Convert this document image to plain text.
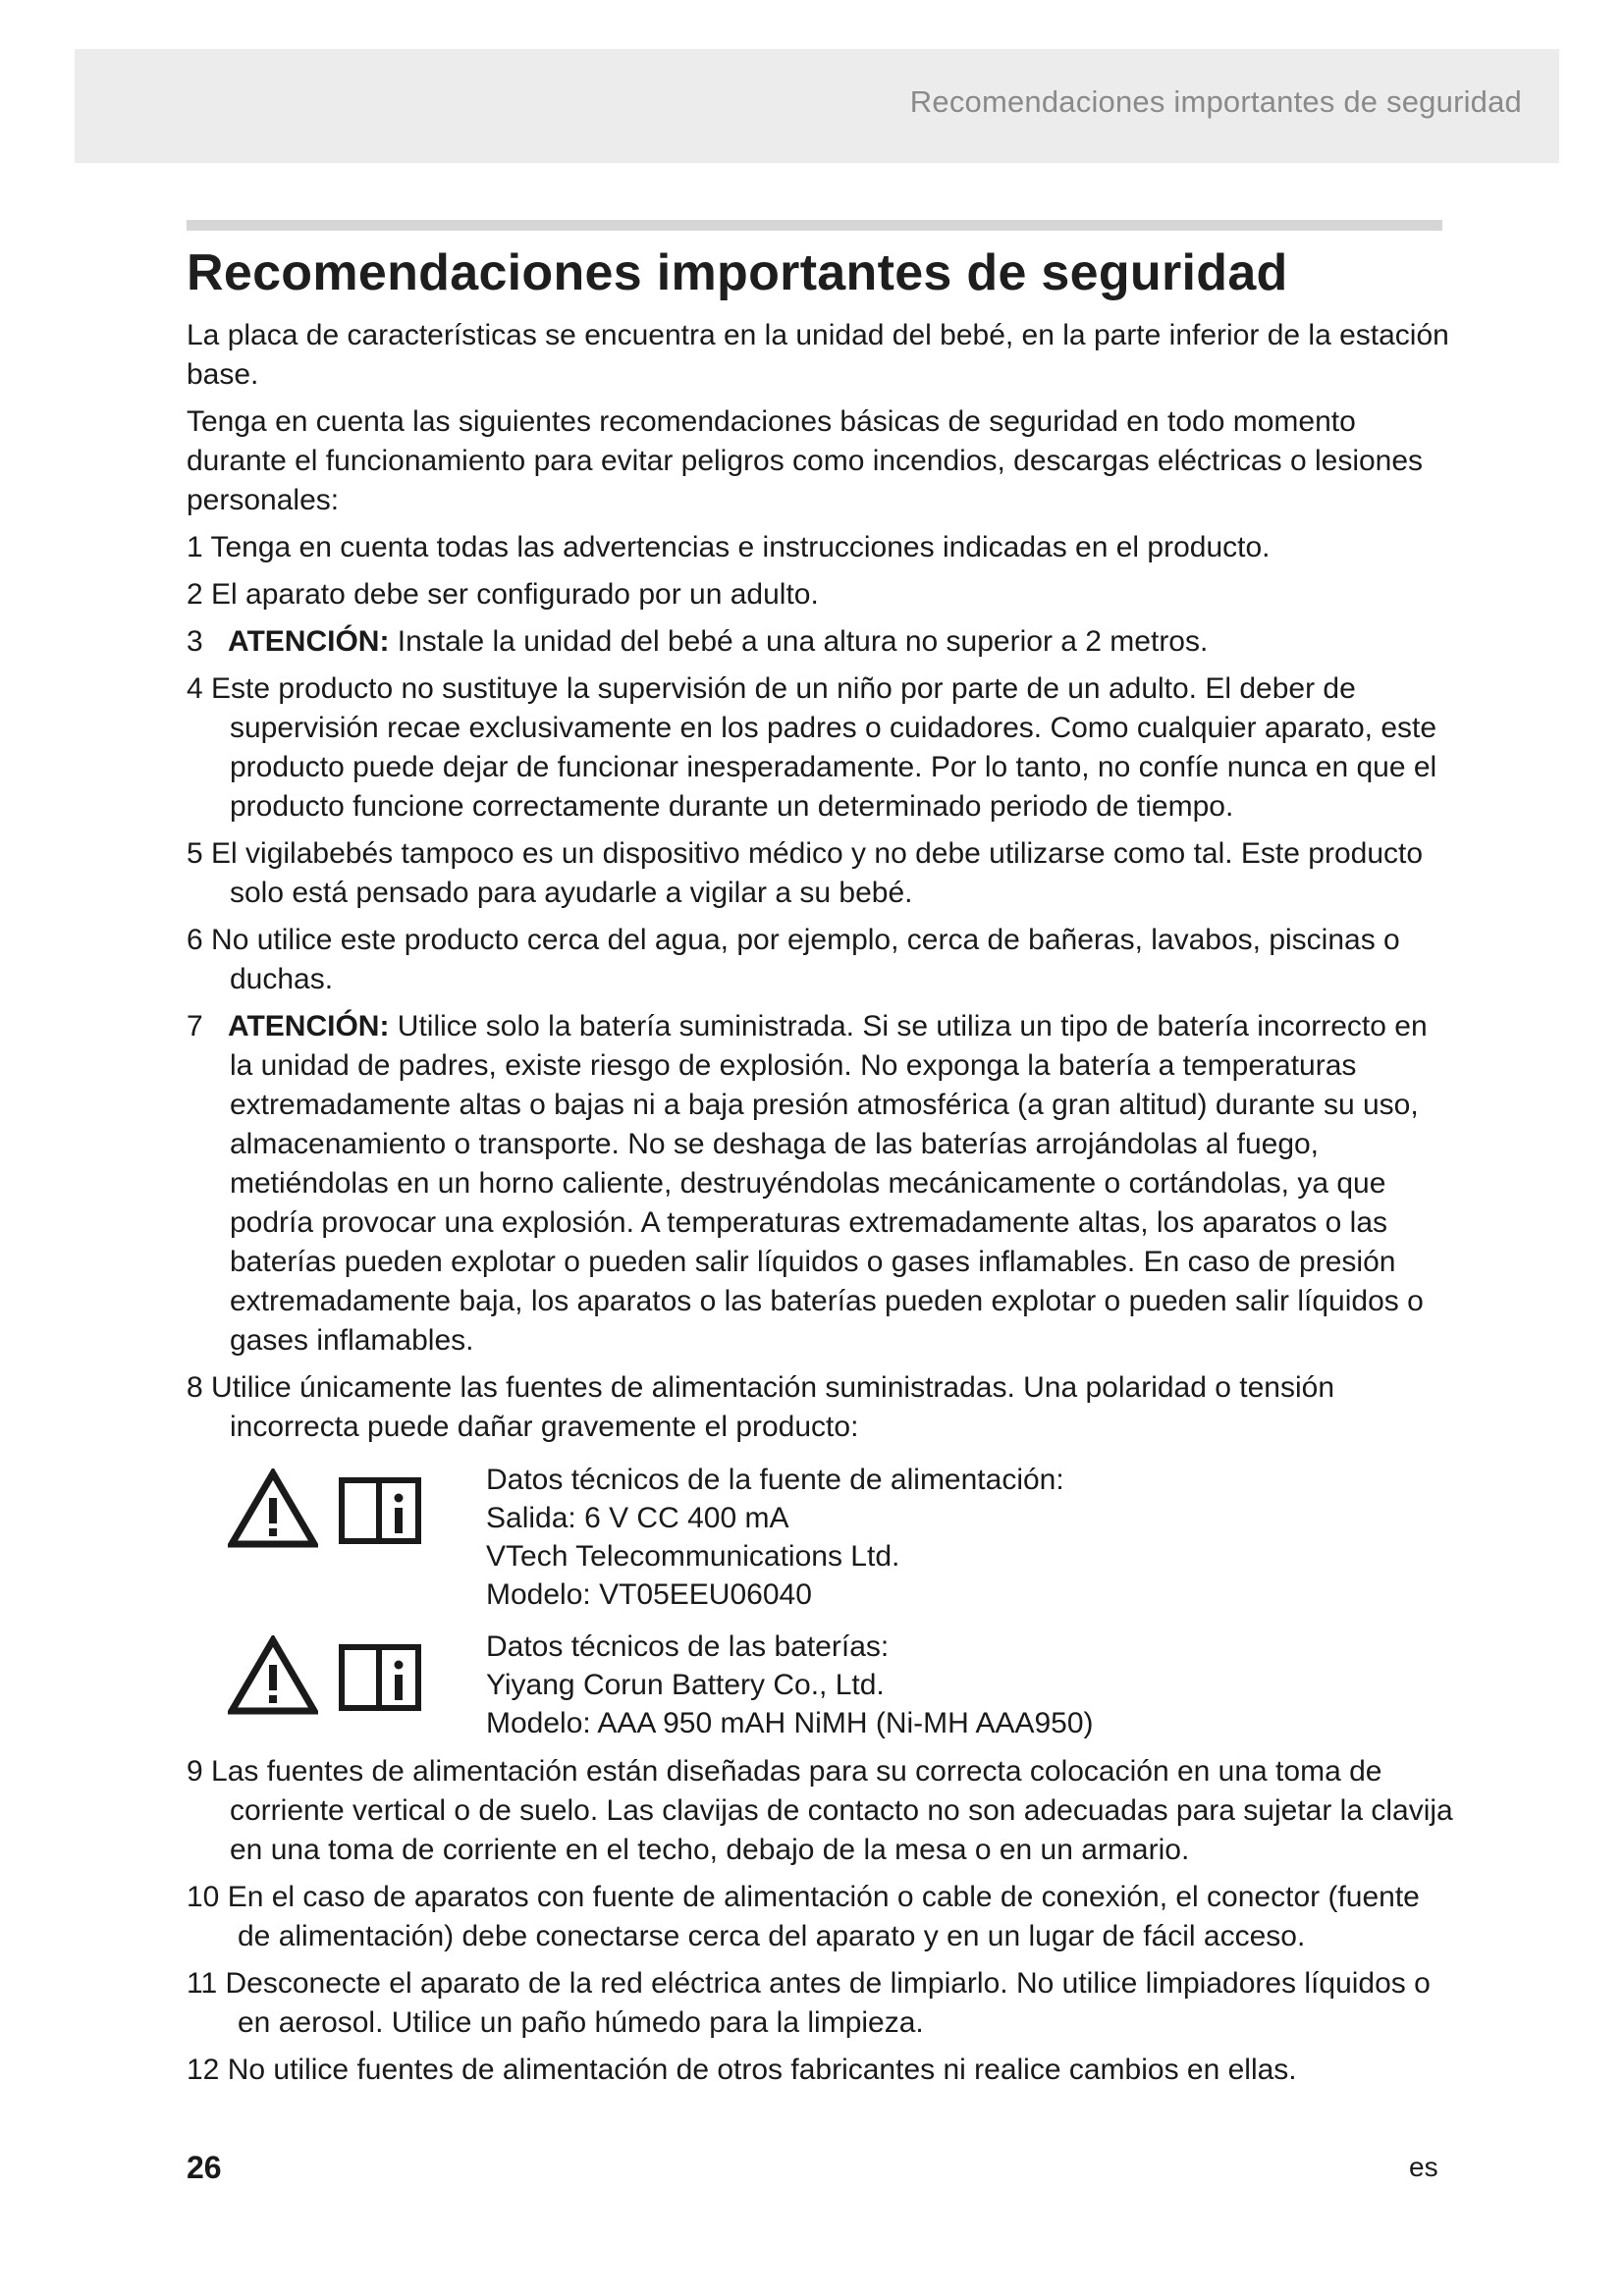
Recomendaciones importantes de seguridad
Recomendaciones importantes de seguridad

La placa de características se encuentra en la unidad del bebé, en la parte inferior de la estación base.

Tenga en cuenta las siguientes recomendaciones básicas de seguridad en todo momento durante el funcionamiento para evitar peligros como incendios, descargas eléctricas o lesiones personales:

1 Tenga en cuenta todas las advertencias e instrucciones indicadas en el producto.

2 El aparato debe ser configurado por un adulto.

3 ATENCIÓN: Instale la unidad del bebé a una altura no superior a 2 metros.

4 Este producto no sustituye la supervisión de un niño por parte de un adulto. El deber de supervisión recae exclusivamente en los padres o cuidadores. Como cualquier aparato, este producto puede dejar de funcionar inesperadamente. Por lo tanto, no confíe nunca en que el producto funcione correctamente durante un determinado periodo de tiempo.

5 El vigilabebés tampoco es un dispositivo médico y no debe utilizarse como tal. Este producto solo está pensado para ayudarle a vigilar a su bebé.

6 No utilice este producto cerca del agua, por ejemplo, cerca de bañeras, lavabos, piscinas o duchas.

7 ATENCIÓN: Utilice solo la batería suministrada. Si se utiliza un tipo de batería incorrecto en la unidad de padres, existe riesgo de explosión. No exponga la batería a temperaturas extremadamente altas o bajas ni a baja presión atmosférica (a gran altitud) durante su uso, almacenamiento o transporte. No se deshaga de las baterías arrojándolas al fuego, metiéndolas en un horno caliente, destruyéndolas mecánicamente o cortándolas, ya que podría provocar una explosión. A temperaturas extremadamente altas, los aparatos o las baterías pueden explotar o pueden salir líquidos o gases inflamables. En caso de presión extremadamente baja, los aparatos o las baterías pueden explotar o pueden salir líquidos o gases inflamables.

8 Utilice únicamente las fuentes de alimentación suministradas. Una polaridad o tensión incorrecta puede dañar gravemente el producto:

Datos técnicos de la fuente de alimentación:
Salida: 6 V CC 400 mA
VTech Telecommunications Ltd.
Modelo: VT05EEU06040
Datos técnicos de las baterías:
Yiyang Corun Battery Co., Ltd.
Modelo: AAA 950 mAH NiMH (Ni-MH AAA950)

9 Las fuentes de alimentación están diseñadas para su correcta colocación en una toma de corriente vertical o de suelo. Las clavijas de contacto no son adecuadas para sujetar la clavija en una toma de corriente en el techo, debajo de la mesa o en un armario.

10 En el caso de aparatos con fuente de alimentación o cable de conexión, el conector (fuente de alimentación) debe conectarse cerca del aparato y en un lugar de fácil acceso.

11 Desconecte el aparato de la red eléctrica antes de limpiarlo. No utilice limpiadores líquidos o en aerosol. Utilice un paño húmedo para la limpieza.

12 No utilice fuentes de alimentación de otros fabricantes ni realice cambios en ellas.

26	es
